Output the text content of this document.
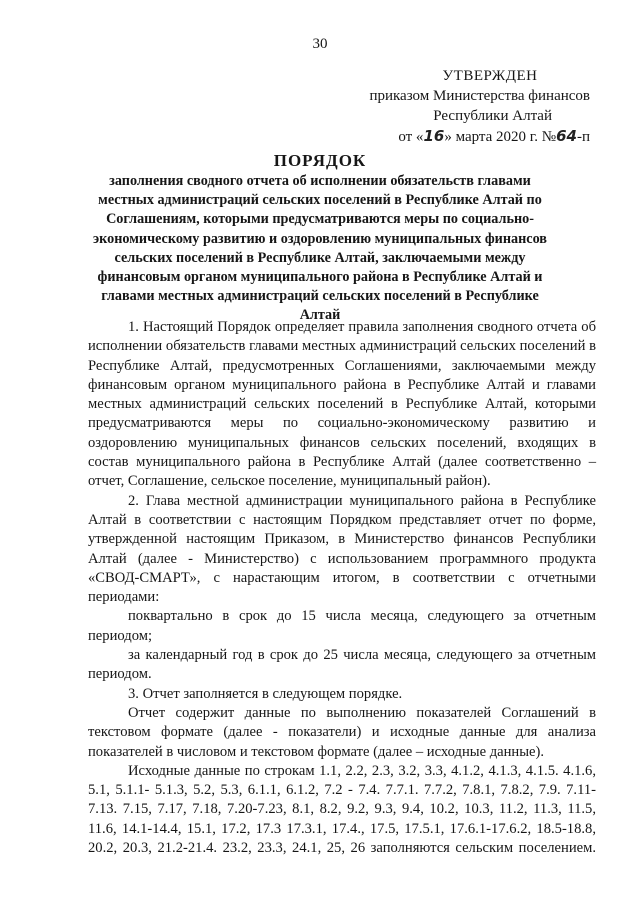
30
УТВЕРЖДЕН
приказом Министерства финансов
Республики Алтай
от «16» марта 2020 г. №64-п
ПОРЯДОК
заполнения сводного отчета об исполнении обязательств главами местных администраций сельских поселений в Республике Алтай по Соглашениям, которыми предусматриваются меры по социально-экономическому развитию и оздоровлению муниципальных финансов сельских поселений в Республике Алтай, заключаемыми между финансовым органом муниципального района в Республике Алтай и главами местных администраций сельских поселений в Республике Алтай

1. Настоящий Порядок определяет правила заполнения сводного отчета об исполнении обязательств главами местных администраций сельских поселений в Республике Алтай, предусмотренных Соглашениями, заключаемыми между финансовым органом муниципального района в Республике Алтай и главами местных администраций сельских поселений в Республике Алтай, которыми предусматриваются меры по социально-экономическому развитию и оздоровлению муниципальных финансов сельских поселений, входящих в состав муниципального района в Республике Алтай (далее соответственно – отчет, Соглашение, сельское поселение, муниципальный район).

2. Глава местной администрации муниципального района в Республике Алтай в соответствии с настоящим Порядком представляет отчет по форме, утвержденной настоящим Приказом, в Министерство финансов Республики Алтай (далее - Министерство) с использованием программного продукта «СВОД-СМАРТ», с нарастающим итогом, в соответствии с отчетными периодами:

поквартально в срок до 15 числа месяца, следующего за отчетным периодом;

за календарный год в срок до 25 числа месяца, следующего за отчетным периодом.

3. Отчет заполняется в следующем порядке.

Отчет содержит данные по выполнению показателей Соглашений в текстовом формате (далее - показатели) и исходные данные для анализа показателей в числовом и текстовом формате (далее – исходные данные).

Исходные данные по строкам 1.1, 2.2, 2.3, 3.2, 3.3, 4.1.2, 4.1.3, 4.1.5. 4.1.6, 5.1, 5.1.1- 5.1.3, 5.2, 5.3, 6.1.1, 6.1.2, 7.2 - 7.4. 7.7.1. 7.7.2, 7.8.1, 7.8.2, 7.9. 7.11-7.13. 7.15, 7.17, 7.18, 7.20-7.23, 8.1, 8.2, 9.2, 9.3, 9.4, 10.2, 10.3, 11.2, 11.3, 11.5, 11.6, 14.1-14.4, 15.1, 17.2, 17.3 17.3.1, 17.4., 17.5, 17.5.1, 17.6.1-17.6.2, 18.5-18.8, 20.2, 20.3, 21.2-21.4. 23.2, 23.3, 24.1, 25, 26 заполняются сельским поселением.
